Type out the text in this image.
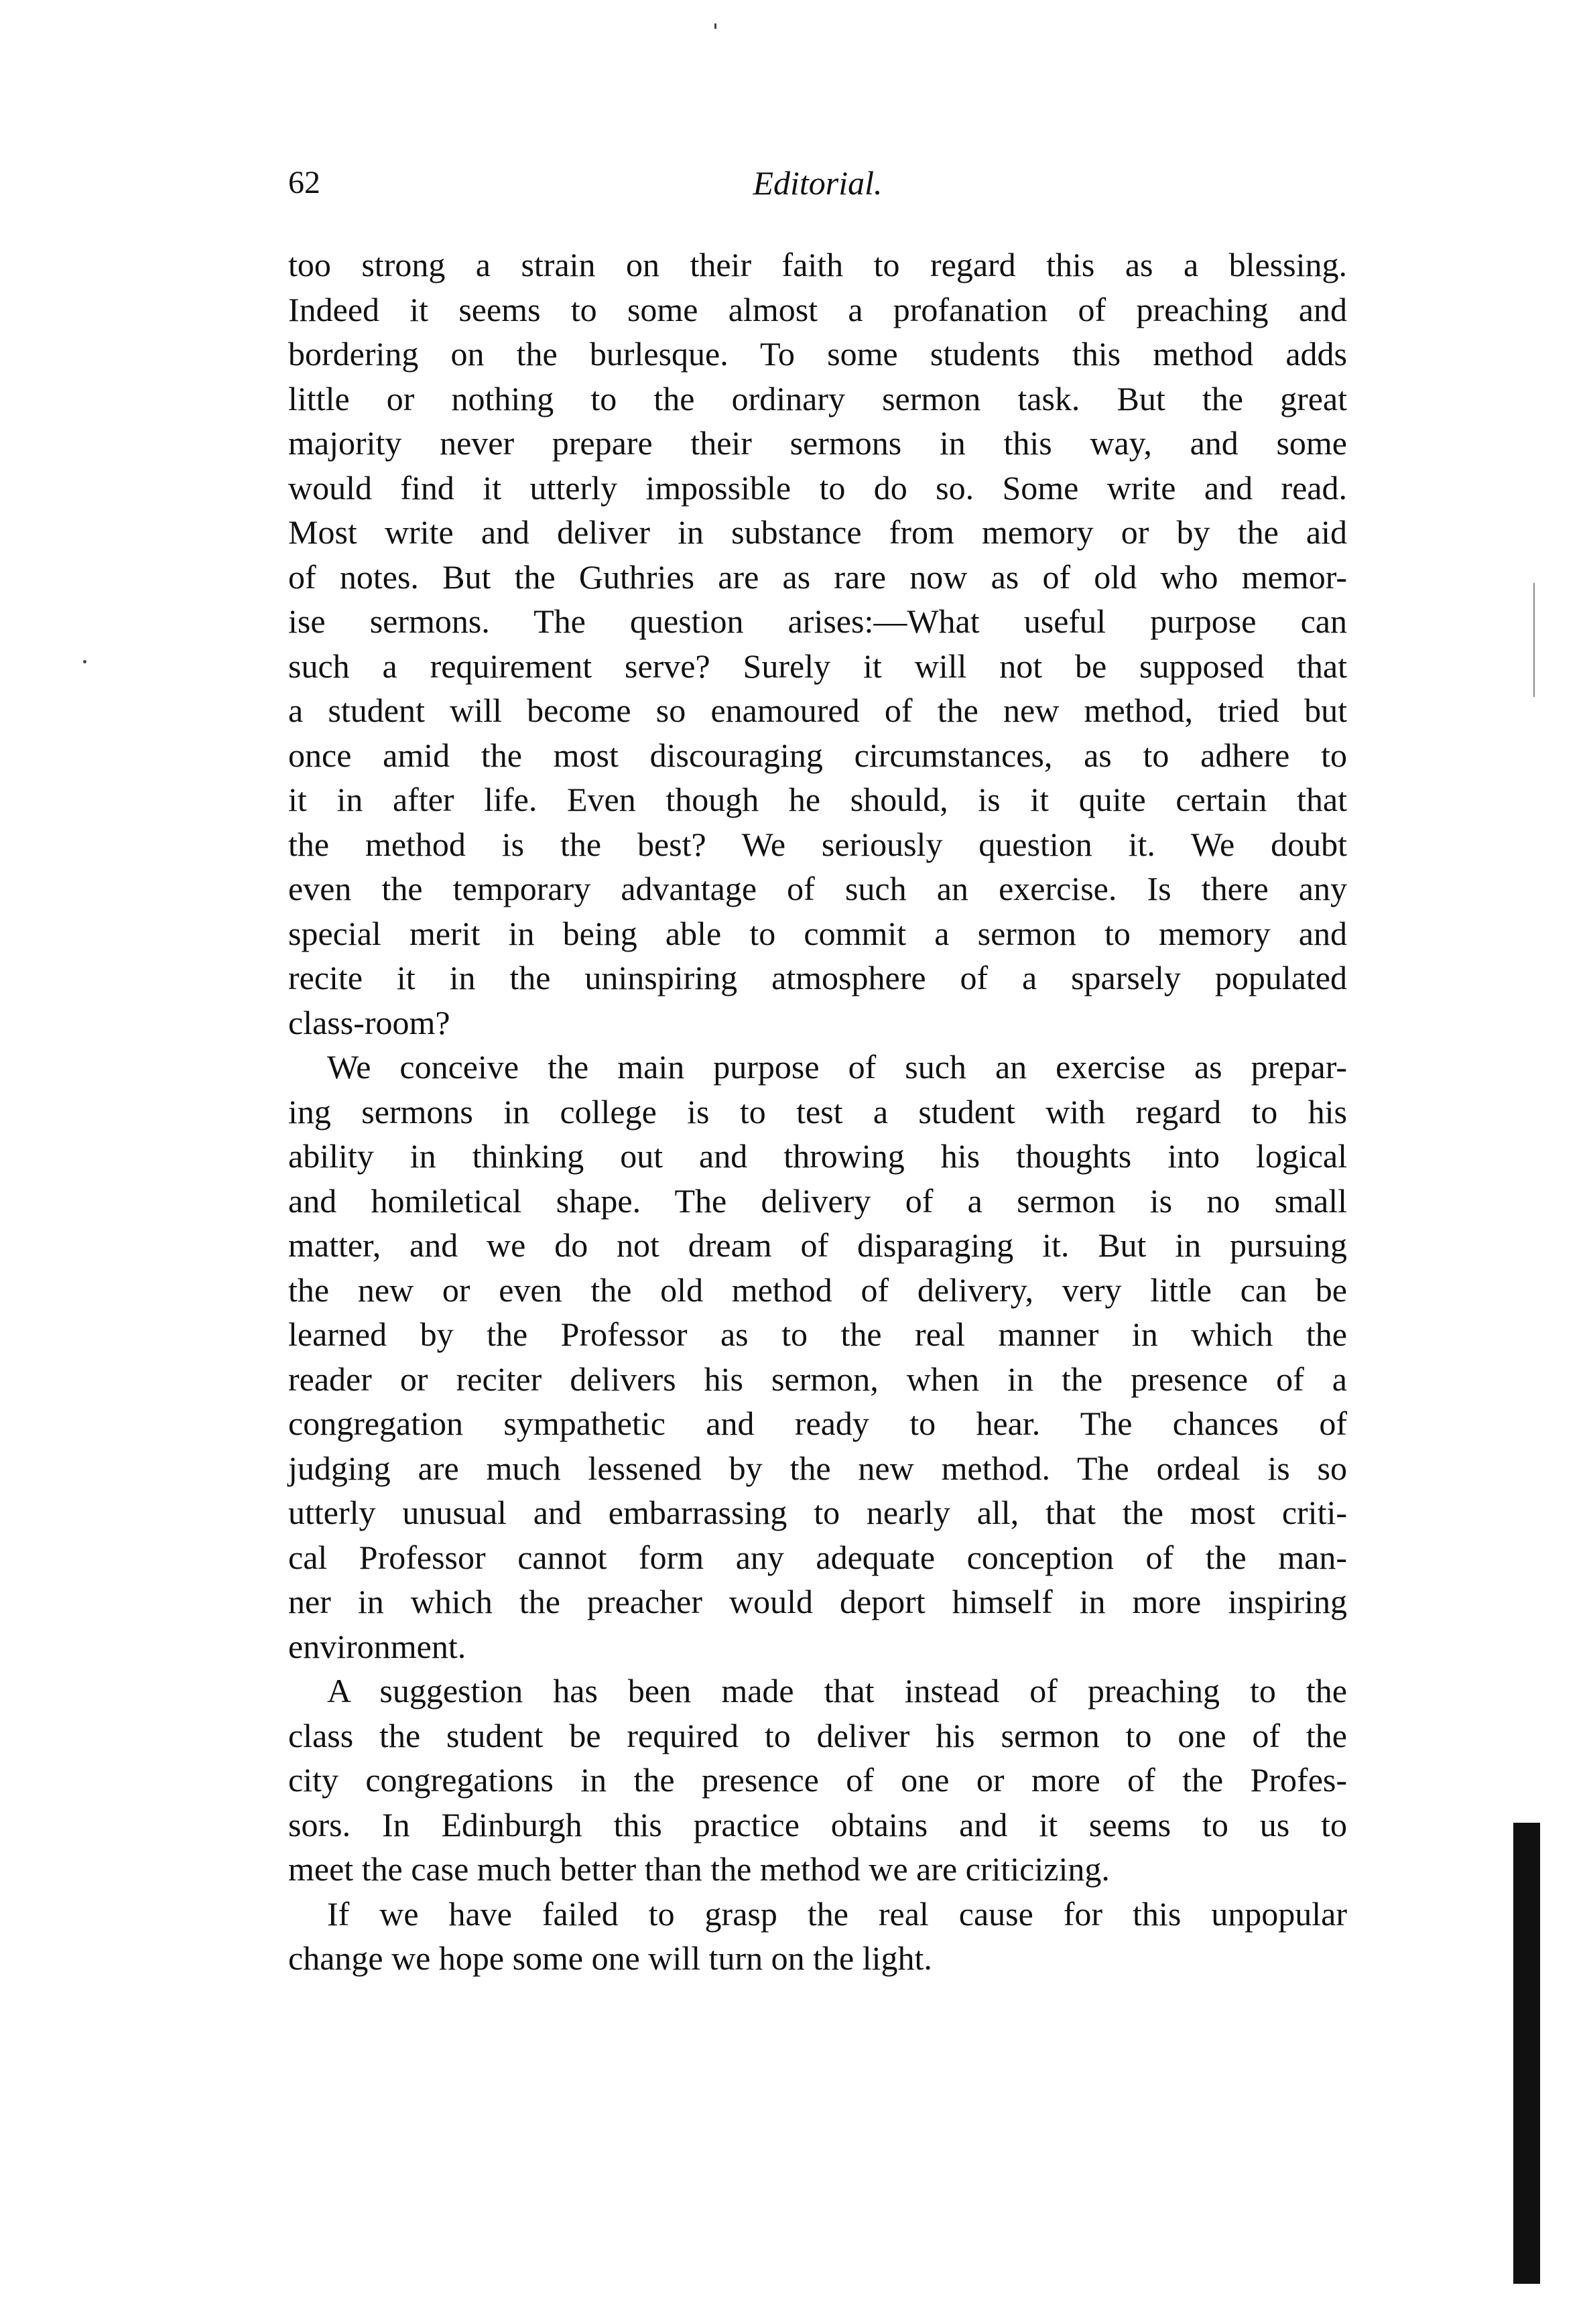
62	Editorial.
too strong a strain on their faith to regard this as a blessing.
Indeed it seems to some almost a profanation of preaching and
bordering on the burlesque. To some students this method adds
little or nothing to the ordinary sermon task. But the great
majority never prepare their sermons in this way, and some
would find it utterly impossible to do so. Some write and read.
Most write and deliver in substance from memory or by the aid
of notes. But the Guthries are as rare now as of old who memor-
ise sermons. The question arises:—What useful purpose can
such a requirement serve? Surely it will not be supposed that
a student will become so enamoured of the new method, tried but
once amid the most discouraging circumstances, as to adhere to
it in after life. Even though he should, is it quite certain that
the method is the best? We seriously question it. We doubt
even the temporary advantage of such an exercise. Is there any
special merit in being able to commit a sermon to memory and
recite it in the uninspiring atmosphere of a sparsely populated
class-room?
We conceive the main purpose of such an exercise as prepar-
ing sermons in college is to test a student with regard to his
ability in thinking out and throwing his thoughts into logical
and homiletical shape. The delivery of a sermon is no small
matter, and we do not dream of disparaging it. But in pursuing
the new or even the old method of delivery, very little can be
learned by the Professor as to the real manner in which the
reader or reciter delivers his sermon, when in the presence of a
congregation sympathetic and ready to hear. The chances of
judging are much lessened by the new method. The ordeal is so
utterly unusual and embarrassing to nearly all, that the most criti-
cal Professor cannot form any adequate conception of the man-
ner in which the preacher would deport himself in more inspiring
environment.
A suggestion has been made that instead of preaching to the
class the student be required to deliver his sermon to one of the
city congregations in the presence of one or more of the Profes-
sors. In Edinburgh this practice obtains and it seems to us to
meet the case much better than the method we are criticizing.
If we have failed to grasp the real cause for this unpopular
change we hope some one will turn on the light.
